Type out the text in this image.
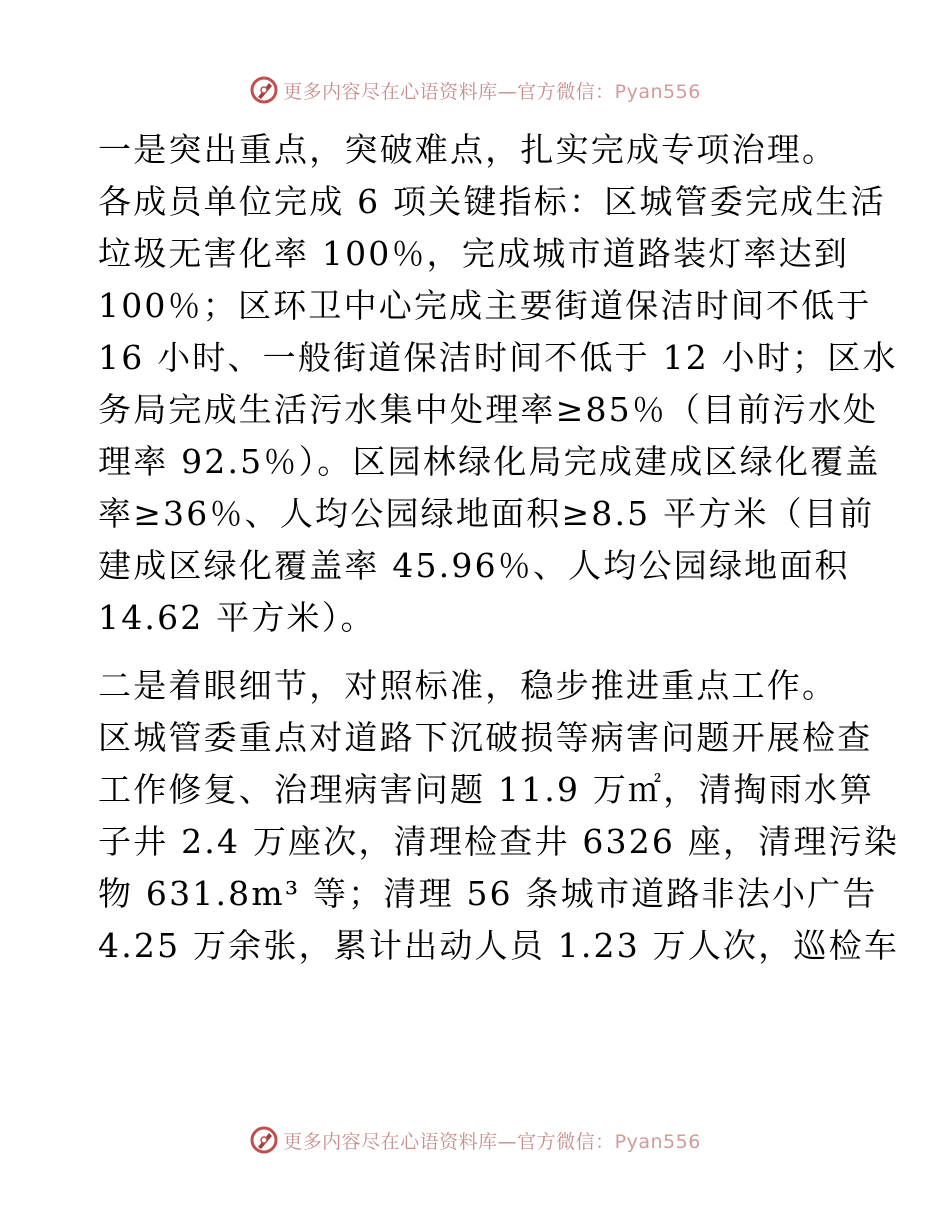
更多内容尽在心语资料库—官方微信：Pyan556

一是突出重点，突破难点，扎实完成专项治理。
各成员单位完成 6 项关键指标：区城管委完成生活
垃圾无害化率 100％，完成城市道路装灯率达到
100％；区环卫中心完成主要街道保洁时间不低于
16 小时、一般街道保洁时间不低于 12 小时；区水
务局完成生活污水集中处理率≥85％（目前污水处
理率 92.5％）。区园林绿化局完成建成区绿化覆盖
率≥36％、人均公园绿地面积≥8.5 平方米（目前
建成区绿化覆盖率 45.96％、人均公园绿地面积
14.62 平方米）。

二是着眼细节，对照标准，稳步推进重点工作。
区城管委重点对道路下沉破损等病害问题开展检查
工作修复、治理病害问题 11.9 万㎡，清掏雨水箅
子井 2.4 万座次，清理检查井 6326 座，清理污染
物 631.8m³ 等；清理 56 条城市道路非法小广告
4.25 万余张，累计出动人员 1.23 万人次，巡检车

更多内容尽在心语资料库—官方微信：Pyan556
